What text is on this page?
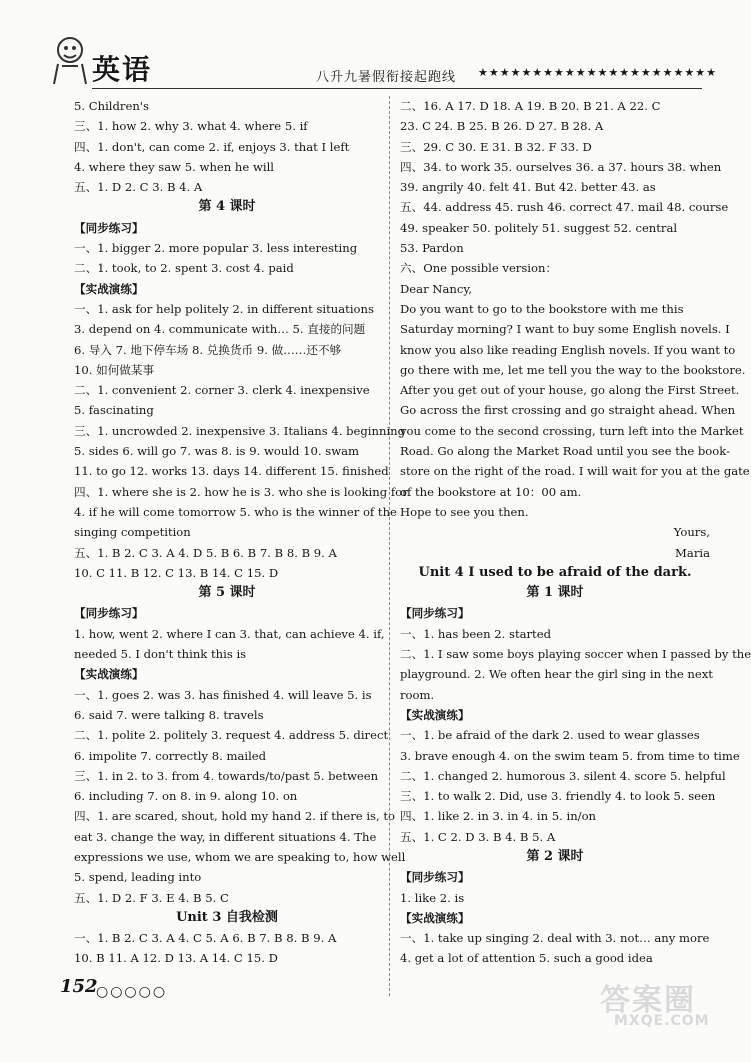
英语	八升九暑假衔接起跑线 ★★★★★★★★★★★★★★★★★★★★★★
5. Children's
三、1. how 2. why 3. what 4. where 5. if
四、1. don't, can come 2. if, enjoys 3. that I left
4. where they saw 5. when he will
五、1. D 2. C 3. B 4. A
第 4 课时
【同步练习】
一、1. bigger 2. more popular 3. less interesting
二、1. took, to 2. spent 3. cost 4. paid
【实战演练】
一、1. ask for help politely 2. in different situations
3. depend on 4. communicate with… 5. 直接的问题
6. 导入 7. 地下停车场 8. 兑换货币 9. 做……还不够
10. 如何做某事
二、1. convenient 2. corner 3. clerk 4. inexpensive
5. fascinating
三、1. uncrowded 2. inexpensive 3. Italians 4. beginning
5. sides 6. will go 7. was 8. is 9. would 10. swam
11. to go 12. works 13. days 14. different 15. finished
四、1. where she is 2. how he is 3. who she is looking for
4. if he will come tomorrow 5. who is the winner of the
singing competition
五、1. B 2. C 3. A 4. D 5. B 6. B 7. B 8. B 9. A
10. C 11. B 12. C 13. B 14. C 15. D
第 5 课时
【同步练习】
1. how, went 2. where I can 3. that, can achieve 4. if,
needed 5. I don't think this is
【实战演练】
一、1. goes 2. was 3. has finished 4. will leave 5. is
6. said 7. were talking 8. travels
二、1. polite 2. politely 3. request 4. address 5. direct
6. impolite 7. correctly 8. mailed
三、1. in 2. to 3. from 4. towards/to/past 5. between
6. including 7. on 8. in 9. along 10. on
四、1. are scared, shout, hold my hand 2. if there is, to
eat 3. change the way, in different situations 4. The
expressions we use, whom we are speaking to, how well
5. spend, leading into
五、1. D 2. F 3. E 4. B 5. C
Unit 3 自我检测
一、1. B 2. C 3. A 4. C 5. A 6. B 7. B 8. B 9. A
10. B 11. A 12. D 13. A 14. C 15. D
二、16. A 17. D 18. A 19. B 20. B 21. A 22. C
23. C 24. B 25. B 26. D 27. B 28. A
三、29. C 30. E 31. B 32. F 33. D
四、34. to work 35. ourselves 36. a 37. hours 38. when
39. angrily 40. felt 41. But 42. better 43. as
五、44. address 45. rush 46. correct 47. mail 48. course
49. speaker 50. politely 51. suggest 52. central
53. Pardon
六、One possible version：
Dear Nancy,
Do you want to go to the bookstore with me this
Saturday morning? I want to buy some English novels. I
know you also like reading English novels. If you want to
go there with me, let me tell you the way to the bookstore.
After you get out of your house, go along the First Street.
Go across the first crossing and go straight ahead. When
you come to the second crossing, turn left into the Market
Road. Go along the Market Road until you see the book-
store on the right of the road. I will wait for you at the gate
of the bookstore at 10：00 am.
Hope to see you then.
Yours,
Maria
Unit 4 I used to be afraid of the dark.
第 1 课时
【同步练习】
一、1. has been 2. started
二、1. I saw some boys playing soccer when I passed by the
playground. 2. We often hear the girl sing in the next
room.
【实战演练】
一、1. be afraid of the dark 2. used to wear glasses
3. brave enough 4. on the swim team 5. from time to time
二、1. changed 2. humorous 3. silent 4. score 5. helpful
三、1. to walk 2. Did, use 3. friendly 4. to look 5. seen
四、1. like 2. in 3. in 4. in 5. in/on
五、1. C 2. D 3. B 4. B 5. A
第 2 课时
【同步练习】
1. like 2. is
【实战演练】
一、1. take up singing 2. deal with 3. not… any more
4. get a lot of attention 5. such a good idea
152
○○○○○	答案圈
MXQE.COM
